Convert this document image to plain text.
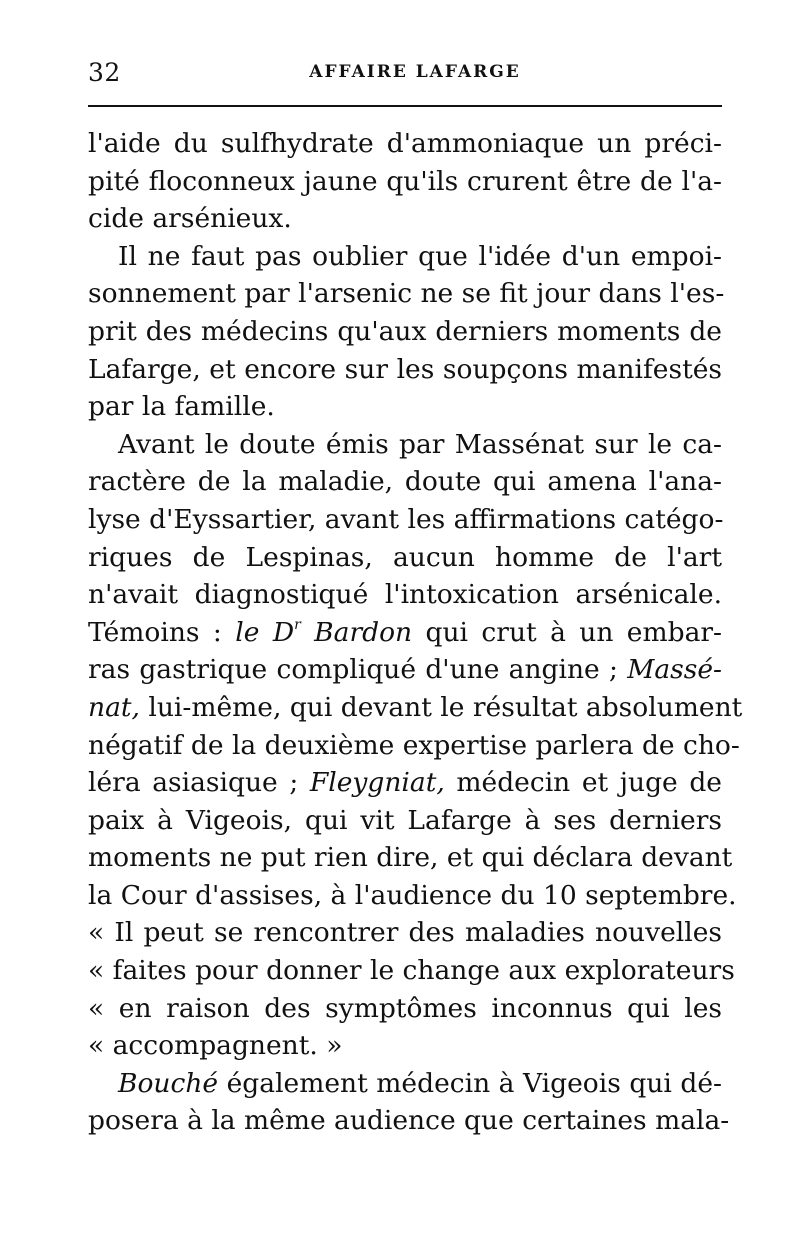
32	AFFAIRE LAFARGE
l'aide du sulfhydrate d'ammoniaque un préci-
pité floconneux jaune qu'ils crurent être de l'a-
cide arsénieux.
Il ne faut pas oublier que l'idée d'un empoi-
sonnement par l'arsenic ne se fit jour dans l'es-
prit des médecins qu'aux derniers moments de
Lafarge, et encore sur les soupçons manifestés
par la famille.
Avant le doute émis par Massénat sur le ca-
ractère de la maladie, doute qui amena l'ana-
lyse d'Eyssartier, avant les affirmations catégo-
riques de Lespinas, aucun homme de l'art
n'avait diagnostiqué l'intoxication arsénicale.
Témoins : le $D^r$ Bardon qui crut à un embar-
ras gastrique compliqué d'une angine ; Massé-
nat, lui-même, qui devant le résultat absolument
négatif de la deuxième expertise parlera de cho-
léra asiasique ; Fleygniat, médecin et juge de
paix à Vigeois, qui vit Lafarge à ses derniers
moments ne put rien dire, et qui déclara devant
la Cour d'assises, à l'audience du 10 septembre.
« Il peut se rencontrer des maladies nouvelles
« faites pour donner le change aux explorateurs
« en raison des symptômes inconnus qui les
« accompagnent. »
Bouché également médecin à Vigeois qui dé-
posera à la même audience que certaines mala-
